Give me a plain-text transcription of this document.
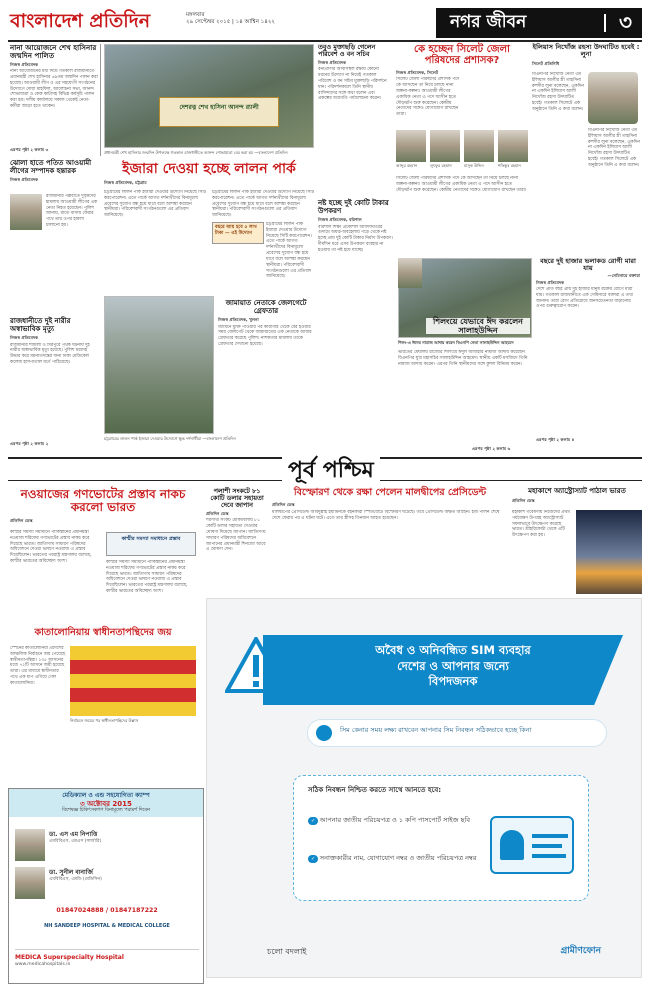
বাংলাদেশ প্রতিদিন	মঙ্গলবার
২৯ সেপ্টেম্বর ২০১৫ | ১৪ আশ্বিন ১৪২২	নগর জীবন	৩
নানা আয়োজনে শেখ হাসিনার জন্মদিন পালিত
নিজস্ব প্রতিবেদক
নানা আয়োজনের মধ্য দিয়ে গতকাল রাজধানীতে প্রধানমন্ত্রী শেখ হাসিনার ৬৯তম জন্মদিন পালন করা হয়েছে। আওয়ামী লীগ ও এর সহযোগী সংগঠনের উদ্যোগে দোয়া মাহফিল, আলোচনা সভা, আনন্দ শোভাযাত্রা ও কেক কাটাসহ বিভিন্ন কর্মসূচি পালন করা হয়। দলীয় কার্যালয়ে সকাল থেকেই নেতা-কর্মীরা জড়ো হতে থাকেন।
এরপর পৃষ্ঠা ২ কলাম ৩
দেশরত্ন শেখ হাসিনা আনন্দ র‍্যালী
প্রধানমন্ত্রী শেখ হাসিনার জন্মদিন উপলক্ষে গতকাল রাজধানীতে আনন্দ শোভাযাত্রা বের করা হয় —বাংলাদেশ প্রতিদিন
তবুও মুক্তাছড়ি গেলেন পরিবেশ ও বন সচিব
নিজস্ব প্রতিবেদক
বন্যপ্রাণীর আবাসস্থল রক্ষায় কোনো ধরনের উদ্যোগ না নিয়েই গতকাল পরিবেশ ও বন সচিব মুক্তাছড়ি পরিদর্শনে যান। পরিদর্শনকালে তিনি স্থানীয় বাসিন্দাদের সঙ্গে কথা বলেন এবং প্রকল্পের অগ্রগতি পর্যালোচনা করেন।
কে হচ্ছেন সিলেট জেলা পরিষদের প্রশাসক?
নিজস্ব প্রতিবেদক, সিলেট
সিলেট জেলা পরিষদের প্রশাসক পদে কে আসছেন তা নিয়ে চলছে নানা জল্পনা-কল্পনা। আওয়ামী লীগের একাধিক নেতা এ পদে আসীন হতে দৌড়ঝাঁপ শুরু করেছেন। কেন্দ্রীয় নেতাদের সঙ্গেও যোগাযোগ রাখছেন তারা।
আব্দুর রহমান	লুৎফুর রহমান	মাসুক উদ্দিন	শফিকুর রহমান
সিলেট জেলা পরিষদের প্রশাসক পদে কে আসছেন তা নিয়ে চলছে নানা জল্পনা-কল্পনা। আওয়ামী লীগের একাধিক নেতা এ পদে আসীন হতে দৌড়ঝাঁপ শুরু করেছেন। কেন্দ্রীয় নেতাদের সঙ্গেও যোগাযোগ রাখছেন তারা।
ইলিয়াস নিখোঁজ রহস্য উদঘাটিত হবেই : লুনা
সিলেট প্রতিনিধি
বিএনপির নিখোঁজ নেতা এম ইলিয়াস আলীর স্ত্রী তাহসিনা রুশদীর লুনা বলেছেন, একদিন না একদিন ইলিয়াস আলী নিখোঁজ রহস্য উদঘাটিত হবেই। গতকাল সিলেটে এক অনুষ্ঠানে তিনি এ কথা বলেন।
বিএনপির নিখোঁজ নেতা এম ইলিয়াস আলীর স্ত্রী তাহসিনা রুশদীর লুনা বলেছেন, একদিন না একদিন ইলিয়াস আলী নিখোঁজ রহস্য উদঘাটিত হবেই। গতকাল সিলেটে এক অনুষ্ঠানে তিনি এ কথা বলেন।
ঝোলা হাতে পতিত আওয়ামী লীগের সম্পাদক হন্তারক
নিজস্ব প্রতিবেদক
রাজধানীর পল্লবীতে দুর্বৃত্তদের হামলায় আওয়ামী লীগের এক নেতা নিহত হয়েছেন। পুলিশ জানায়, রাতে বাসায় ফেরার পথে তার ওপর হামলা চালানো হয়।
রাজধানীতে দুই নারীর অস্বাভাবিক মৃত্যু
নিজস্ব প্রতিবেদক
রাজধানীর শ্যামলী ও মিরপুরে পৃথক ঘটনায় দুই নারীর অস্বাভাবিক মৃত্যু হয়েছে। পুলিশ মরদেহ উদ্ধার করে ময়নাতদন্তের জন্য ঢাকা মেডিকেল কলেজ হাসপাতাল মর্গে পাঠিয়েছে।
এরপর পৃষ্ঠা ২ কলাম ২
ইজারা দেওয়া হচ্ছে লালন পার্ক
নিজস্ব প্রতিবেদক, চট্টগ্রাম
চট্টগ্রামের লালন পার্ক ইজারা দেওয়ার উদ্যোগ নিয়েছে সিটি করপোরেশন। এতে পার্কে আগত দর্শনার্থীদের বিনামূল্যে প্রবেশের সুযোগ বন্ধ হয়ে যাবে বলে আশঙ্কা করছেন স্থানীয়রা। পরিবেশবাদী সংগঠনগুলো এর প্রতিবাদ জানিয়েছে।
বছরে আয় হবে ৫ লাখ টাকা — এই উদ্যোগ
চট্টগ্রামের লালন পার্ক ইজারা দেওয়ার উদ্যোগ নিয়েছে সিটি করপোরেশন। এতে পার্কে আগত দর্শনার্থীদের বিনামূল্যে প্রবেশের সুযোগ বন্ধ হয়ে যাবে বলে আশঙ্কা করছেন স্থানীয়রা। পরিবেশবাদী সংগঠনগুলো এর প্রতিবাদ জানিয়েছে।
চট্টগ্রামের লালন পার্ক ইজারা দেওয়ার উদ্যোগ নিয়েছে সিটি করপোরেশন। এতে পার্কে আগত দর্শনার্থীদের বিনামূল্যে প্রবেশের সুযোগ বন্ধ হয়ে যাবে বলে আশঙ্কা করছেন স্থানীয়রা। পরিবেশবাদী সংগঠনগুলো এর প্রতিবাদ জানিয়েছে।
চট্টগ্রামের লালন পার্ক ইজারা দেওয়ার উদ্যোগে ক্ষুব্ধ দর্শনার্থীরা —বাংলাদেশ প্রতিদিন
জামায়াত নেতাকে জেলগেটে গ্রেফতার
নিজস্ব প্রতিবেদক, খুলনা
জামিনে মুক্তি পাওয়ার পর কারাগার থেকে বের হওয়ার সময় জেলগেট থেকে জামায়াতের এক নেতাকে আবার গ্রেফতার করেছে পুলিশ। নাশকতার মামলায় তাকে গ্রেফতার দেখানো হয়েছে।
নষ্ট হচ্ছে দুই কোটি টাকার উপকরণ
নিজস্ব প্রতিবেদক, বরিশাল
বরিশাল শিক্ষা প্রকৌশল অধিদফতরের গুদামে অযত্ন-অবহেলায় পড়ে থেকে নষ্ট হচ্ছে প্রায় দুই কোটি টাকার নির্মাণ উপকরণ। দীর্ঘদিন ধরে এসব উপকরণ ব্যবহার না হওয়ায় তা নষ্ট হয়ে যাচ্ছে।
শিলংয়ে যেভাবে ঈদ করলেন সালাহউদ্দিন
শিলং-এ ঈদের নামাজ আদায় করেন বিএনপি নেতা সালাহউদ্দিন আহমেদ
ভারতের মেঘালয় রাজ্যের শিলংয়ে ঈদুল আজহার নামাজ আদায় করেছেন বিএনপির যুগ্ম মহাসচিব সালাহউদ্দিন আহমেদ। স্থানীয় একটি মসজিদে তিনি নামাজ আদায় করেন। এরপর তিনি স্থানীয়দের সঙ্গে কুশল বিনিময় করেন।
এরপর পৃষ্ঠা ২ কলাম ৬
বছরে দুই হাজার ভলাকড রোগী মারা যায়
—সেমিনারে বক্তারা
নিজস্ব প্রতিবেদক
দেশে প্রতি বছর প্রায় দুই হাজার মানুষ রক্তের রোগে মারা যায়। গতকাল রাজধানীতে এক সেমিনারে বক্তারা এ তথ্য জানান। তারা রোগ প্রতিরোধে জনসচেতনতা বাড়ানোর ওপর গুরুত্বারোপ করেন।
এরপর পৃষ্ঠা ২ কলাম ৪
পূর্ব পশ্চিম
নওয়াজের গণভোটের প্রস্তাব নাকচ করলো ভারত
প্রতিদিন ডেস্ক
কাশ্মীর সমস্যা সমাধানে পাকিস্তানের প্রধানমন্ত্রী নওয়াজ শরিফের গণভোটের প্রস্তাব নাকচ করে দিয়েছে ভারত। জাতিসংঘ সাধারণ পরিষদের অধিবেশনে দেওয়া ভাষণে নওয়াজ এ প্রস্তাব দিয়েছিলেন। ভারতের পররাষ্ট্র মন্ত্রণালয় বলেছে, কাশ্মীর ভারতের অবিচ্ছেদ্য অংশ।
কাশ্মীর সমস্যা সমাধানে প্রস্তাব
কাশ্মীর সমস্যা সমাধানে পাকিস্তানের প্রধানমন্ত্রী নওয়াজ শরিফের গণভোটের প্রস্তাব নাকচ করে দিয়েছে ভারত। জাতিসংঘ সাধারণ পরিষদের অধিবেশনে দেওয়া ভাষণে নওয়াজ এ প্রস্তাব দিয়েছিলেন। ভারতের পররাষ্ট্র মন্ত্রণালয় বলেছে, কাশ্মীর ভারতের অবিচ্ছেদ্য অংশ।
পলাশী সংকটে ৮১ কোটি ডলার সহায়তা দেবে জাপান
প্রতিদিন ডেস্ক
শরণার্থী সংকট মোকাবিলায় ৮১ কোটি ডলার সহায়তা দেওয়ার ঘোষণা দিয়েছে জাপান। জাতিসংঘ সাধারণ পরিষদের অধিবেশনে জাপানের প্রধানমন্ত্রী শিনজো আবে এ ঘোষণা দেন।
বিস্ফোরণ থেকে রক্ষা পেলেন মালদ্বীপের প্রেসিডেন্ট
প্রতিদিন ডেস্ক
মালদ্বীপের প্রেসিডেন্ট আবদুল্লাহ ইয়ামিনকে বহনকারী স্পিডবোটে বিস্ফোরণ ঘটেছে। তবে প্রেসিডেন্ট অক্ষত আছেন। হজ পালন শেষে দেশে ফেরার পর এ ঘটনা ঘটে। এতে তার স্ত্রীসহ তিনজন আহত হয়েছেন।
মহাকাশে অ্যাস্ট্রোস্যাট পাঠাল ভারত
প্রতিদিন ডেস্ক
মহাকাশ গবেষণায় নিজেদের প্রথম পর্যবেক্ষণ উপগ্রহ অ্যাস্ট্রোস্যাট সফলভাবে উৎক্ষেপণ করেছে ভারত। শ্রীহরিকোটা থেকে এটি উৎক্ষেপণ করা হয়।
কাতালোনিয়ায় স্বাধীনতাপন্থিদের জয়
স্পেনের কাতালোনিয়া প্রদেশের আঞ্চলিক নির্বাচনে জয় পেয়েছে স্বাধীনতাপন্থিরা। ১৩৫ আসনের মধ্যে ৭২টি আসনে জয়ী হয়েছে তারা। এর মাধ্যমে স্বাধীনতার পথে এক ধাপ এগিয়ে গেল কাতালোনিয়া।
নির্বাচনে জয়ের পর স্বাধীনতাপন্থিদের উল্লাস
মেডিক্যাল ও এন্ড সহযোগিতা ক্যাম্প
৩ অক্টোবর 2015
বিশেষজ্ঞ চিকিৎসকগণ বিনামূল্যে পরামর্শ দিবেন
ডা. এস এম নিপাত্তি
এমবিবিএস, এমএস (সার্জারি)
ডা. সুনীল বানার্জি
এমবিবিএস, এমডি (মেডিসিন)
01847024888 / 01847187222
NH SANDEEP HOSPITAL & MEDICAL COLLEGE
MEDICA Superspecialty Hospital
www.medicahospitals.in
অবৈধ ও অনিবন্ধিত SIM ব্যবহার
দেশের ও আপনার জন্যে
বিপদজনক
সিম কেনার সময় লক্ষ্য রাখবেন আপনার সিম নিবন্ধন সঠিকভাবে হচ্ছে কিনা
সঠিক নিবন্ধন নিশ্চিত করতে সাথে আনতে হবে:
✓ আপনার জাতীয় পরিচয়পত্র ও ১ কপি পাসপোর্ট সাইজ ছবি
✓ সনাক্তকারীর নাম, যোগাযোগ নম্বর ও জাতীয় পরিচয়পত্র নম্বর
চলো বদলাই	গ্রামীণফোন
